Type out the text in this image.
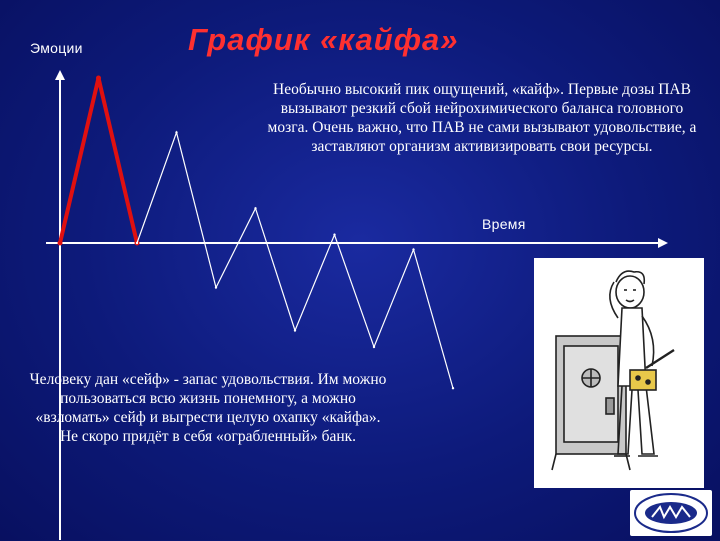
Эмоции	График «кайфа»
Необычно высокий пик ощущений, «кайф». Первые дозы ПАВ вызывают резкий сбой нейрохимического баланса головного мозга. Очень важно, что ПАВ не сами вызывают удовольствие, а заставляют организм активизировать свои ресурсы.
Время
Человеку дан «сейф» - запас удовольствия. Им можно пользоваться всю жизнь понемногу, а можно «взломать» сейф и выгрести целую охапку «кайфа». Не скоро придёт в себя «ограбленный» банк.
